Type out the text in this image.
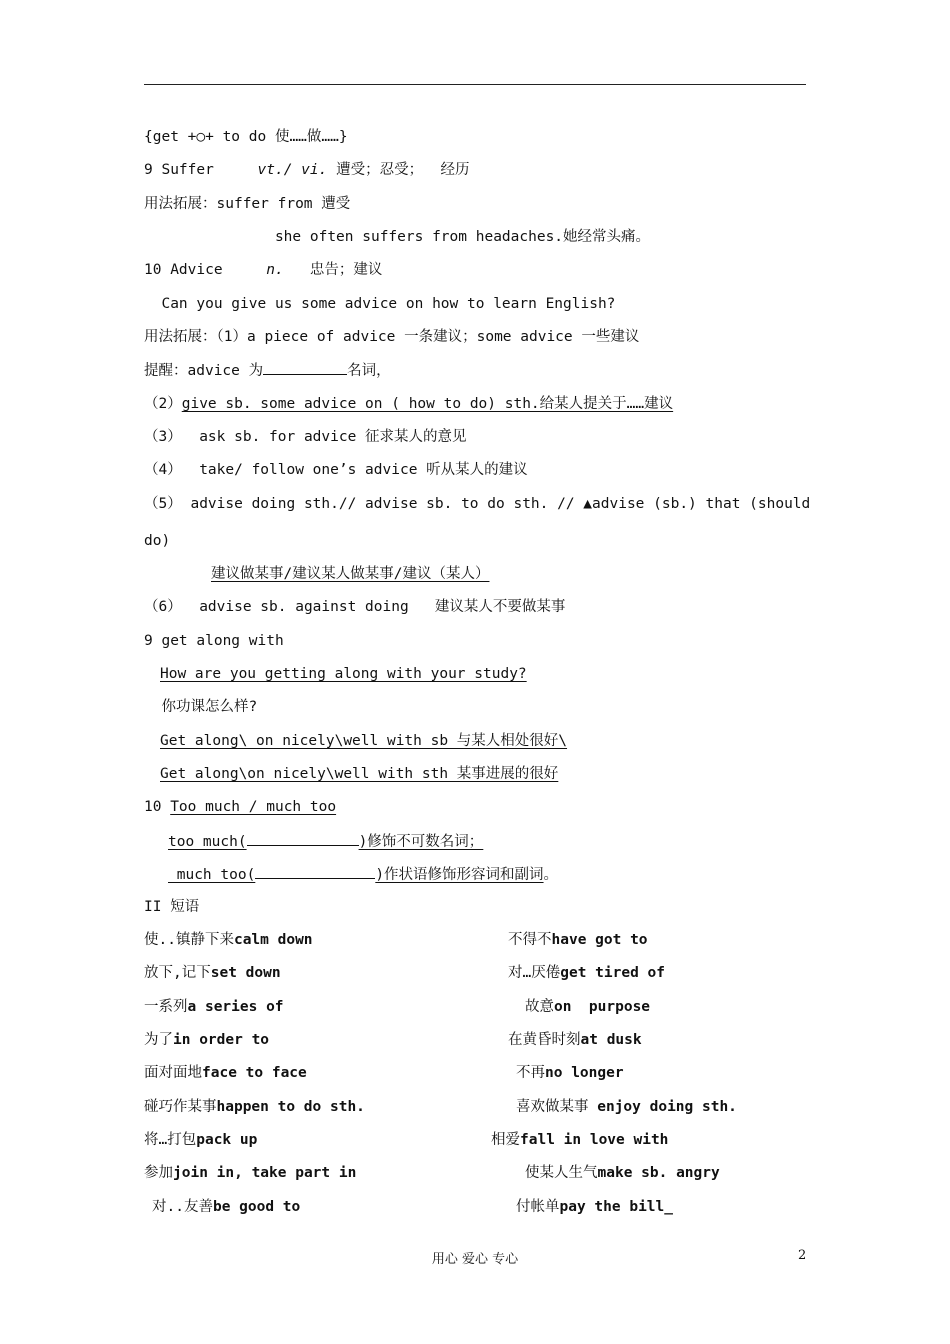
{get +○+ to do 使……做……}
9 Suffer     vt./ vi. 遭受；忍受；  经历
用法拓展：suffer from 遭受
she often suffers from headaches.她经常头痛。
10 Advice     n.   忠告；建议
Can you give us some advice on how to learn English?
用法拓展：（1）a piece of advice 一条建议；some advice 一些建议
提醒：advice 为	名词，
（2）give sb. some advice on ( how to do) sth.给某人提关于……建议
（3）  ask sb. for advice 征求某人的意见
（4）  take/ follow one’s advice 听从某人的建议
（5） advise doing sth.// advise sb. to do sth. // ▲advise (sb.) that (should
do)
建议做某事/建议某人做某事/建议（某人）
（6）  advise sb. against doing   建议某人不要做某事
9 get along with
How are you getting along with your study?
你功课怎么样?
Get along\ on nicely\well with sb 与某人相处很好\
Get along\on nicely\well with sth 某事进展的很好
10 Too much / much too
too much(	)修饰不可数名词；
much too(	)作状语修饰形容词和副词。
II 短语
使..镇静下来calm down	不得不have got to
放下,记下set down	对…厌倦get tired of
一系列a series of	故意on  purpose
为了in order to	在黄昏时刻at dusk
面对面地face to face	不再no longer
碰巧作某事happen to do sth.	喜欢做某事 enjoy doing sth.
将…打包pack up	相爱fall in love with
参加join in, take part in	使某人生气make sb. angry
对..友善be good to	付帐单pay the bill_
用心 爱心 专心	2
